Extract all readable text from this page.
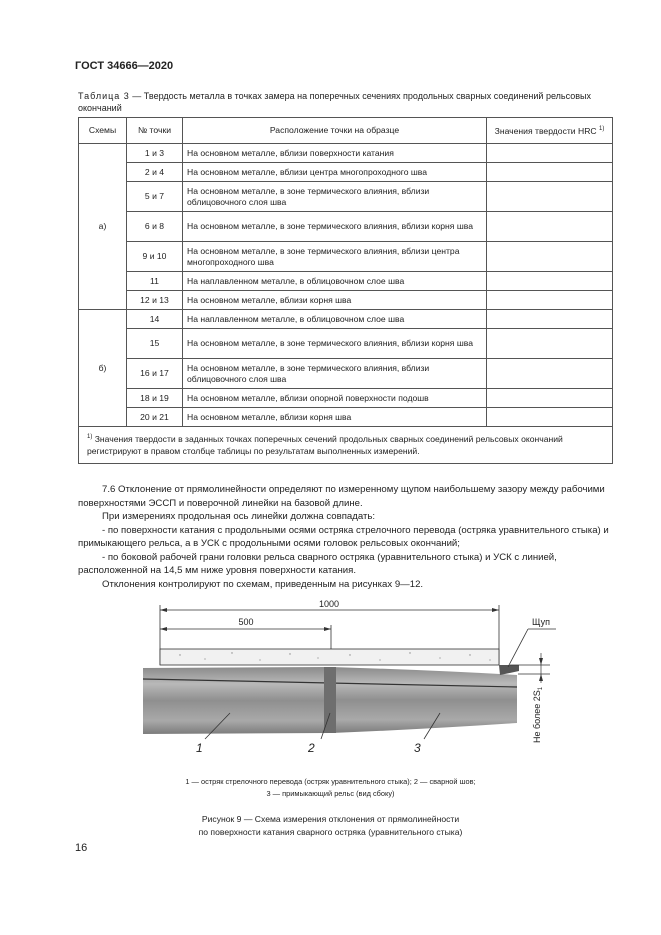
ГОСТ 34666—2020
Таблица 3 — Твердость металла в точках замера на поперечных сечениях продольных сварных соединений рельсовых окончаний
Схемы	№ точки	Расположение точки на образце	Значения твердости HRC $^{1)}$
а)	1 и 3	На основном металле, вблизи поверхности катания	
	2 и 4	На основном металле, вблизи центра многопроходного шва	
	5 и 7	На основном металле, в зоне термического влияния, вблизи облицовочного слоя шва	
	6 и 8	На основном металле, в зоне термического влияния, вблизи корня шва	
	9 и 10	На основном металле, в зоне термического влияния, вблизи центра многопроходного шва	
	11	На наплавленном металле, в облицовочном слое шва	
	12 и 13	На основном металле, вблизи корня шва	
б)	14	На наплавленном металле, в облицовочном слое шва	
	15	На основном металле, в зоне термического влияния, вблизи корня шва	
	16 и 17	На основном металле, в зоне термического влияния, вблизи облицовочного слоя шва	
	18 и 19	На основном металле, вблизи опорной поверхности подошв	
	20 и 21	На основном металле, вблизи корня шва	
$^{1)}$ Значения твердости в заданных точках поперечных сечений продольных сварных соединений рельсовых окончаний регистрируют в правом столбце таблицы по результатам выполненных измерений.			

7.6 Отклонение от прямолинейности определяют по измеренному щупом наибольшему зазору между рабочими поверхностями ЭССП и поверочной линейки на базовой длине.

При измерениях продольная ось линейки должна совпадать:

- по поверхности катания с продольными осями остряка стрелочного перевода (остряка уравнительного стыка) и примыкающего рельса, а в УСК с продольными осями головок рельсовых окончаний;

- по боковой рабочей грани головки рельса сварного остряка (уравнительного стыка) и УСК с линией, расположенной на 14,5 мм ниже уровня поверхности катания.

Отклонения контролируют по схемам, приведенным на рисунках 9—12.

1000
500	Щуп
Не более $2S_1$
1	2	3
1 — остряк стрелочного перевода (остряк уравнительного стыка); 2 — сварной шов;
3 — примыкающий рельс (вид сбоку)
Рисунок 9 — Схема измерения отклонения от прямолинейности
по поверхности катания сварного остряка (уравнительного стыка)
16
